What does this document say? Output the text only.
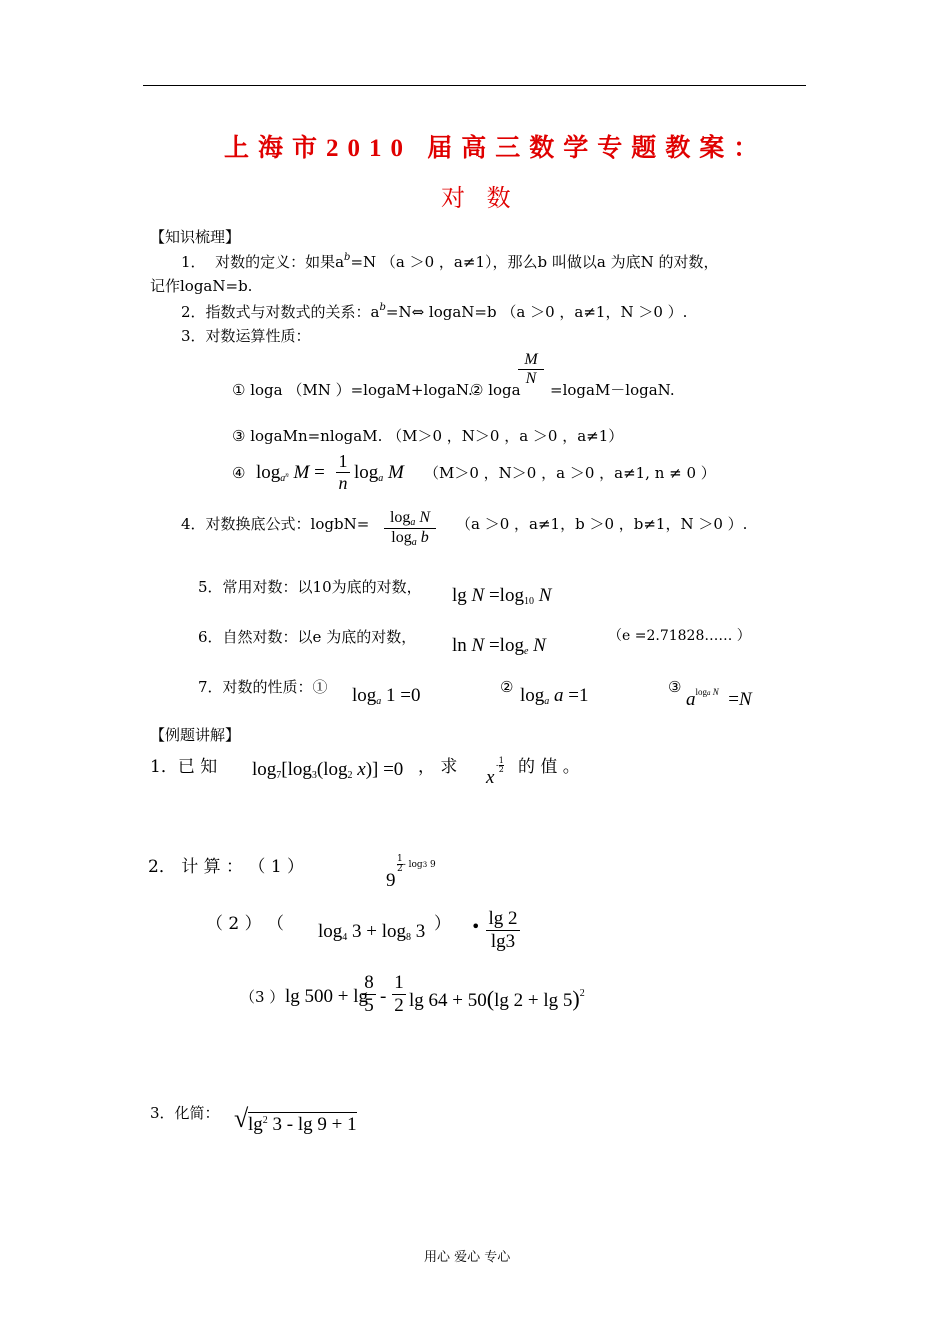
上海市2010 届高三数学专题教案：
对 数
【知识梳理】
1． 对数的定义：如果$a^b=N$ （a ＞0 ，a≠1），那么b 叫做以a 为底N 的对数，
记作logaN=b.
2．指数式与对数式的关系：$a^b=N\Leftrightarrow$ logaN=b （a ＞0 ，a≠1，N ＞0 ）.
3．对数运算性质：
① loga （MN ）=logaM+logaN.
② loga
$\frac{M}{N}$
=logaM－logaN.
③ logaMn=nlogaM. （M＞0 ，N＞0 ，a ＞0 ，a≠1）
④ $\log_{a^n} M = \frac{1}{n} \log_a M$ （M＞0 ，N＞0 ，a ＞0 ，a≠1, n ≠ 0 ）
4．对数换底公式：logbN= $\frac{\log_a N}{\log_a b} (a >0$ ，a≠1，b ＞0 ，b≠1，N ＞0 ）.
5．常用对数：以10为底的对数， $\lg N =\log_{10}$ N
6．自然对数：以e 为底的对数， $\ln N =\log_e$ N	（e =2.71828…… ）
7．对数的性质：① $\log_a 1 =0$	② $\log_a a =1$	③
$a^{loga N} =N$
【例题讲解】
1．已 知 $\log_7[\log_3(\log_2$ x)] =0 ， 求 x
- $\frac{1}{2}$ 的 值 。
2． 计 算 ： （ 1 ）
9
$\frac{1}{2} - \log 3$ 9
（ 2 ） （ $\log_4 3 + \log_8 3$ ） • $\frac{\lg 2}{\lg 3}$
（3 ） lg 500 + lg
$\frac{8}{5} - \frac{1}{2}$ lg 64 + 50(lg 2 + lg 5)$^2$
3．化简： √ $\lg^2 3 - \lg 9 + 1$
用心 爱心 专心
